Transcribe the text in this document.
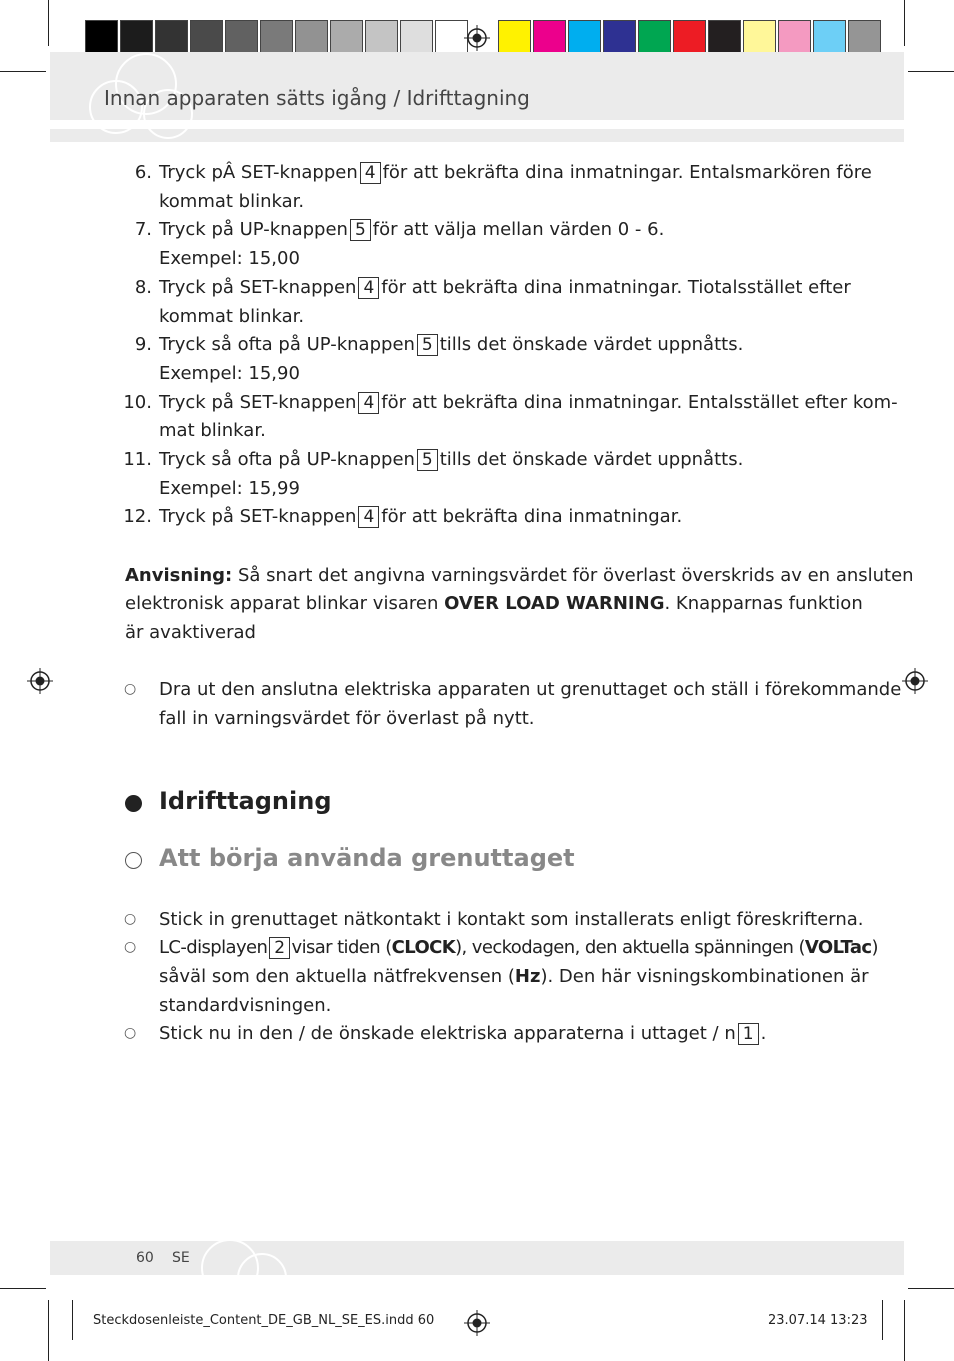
Innan apparaten sätts igång / Idrifttagning
6. Tryck pÂ SET-knappen 4 för att bekräfta dina inmatningar. Entalsmarkören före
kommat blinkar.
7. Tryck på UP-knappen 5 för att välja mellan värden 0 - 6.
Exempel: 15,00
8. Tryck på SET-knappen 4 för att bekräfta dina inmatningar. Tiotalsstället efter
kommat blinkar.
9. Tryck så ofta på UP-knappen 5 tills det önskade värdet uppnåtts.
Exempel: 15,90
10. Tryck på SET-knappen 4 för att bekräfta dina inmatningar. Entalsstället efter kom-
mat blinkar.
11. Tryck så ofta på UP-knappen 5 tills det önskade värdet uppnåtts.
Exempel: 15,99
12. Tryck på SET-knappen 4 för att bekräfta dina inmatningar.
Anvisning: Så snart det angivna varningsvärdet för överlast överskrids av en ansluten
elektronisk apparat blinkar visaren OVER LOAD WARNING. Knapparnas funktion
är avaktiverad
○ Dra ut den anslutna elektriska apparaten ut grenuttaget och ställ i förekommande
fall in varningsvärdet för överlast på nytt.
Idrifttagning
Att börja använda grenuttaget
○ Stick in grenuttaget nätkontakt i kontakt som installerats enligt föreskrifterna.
○ LC-displayen 2 visar tiden (CLOCK), veckodagen, den aktuella spänningen (VOLTac)
såväl som den aktuella nätfrekvensen (Hz). Den här visningskombinationen är
standardvisningen.
○ Stick nu in den / de önskade elektriska apparaterna i uttaget / n 1 .
60 SE
Steckdosenleiste_Content_DE_GB_NL_SE_ES.indd 60	23.07.14 13:23
